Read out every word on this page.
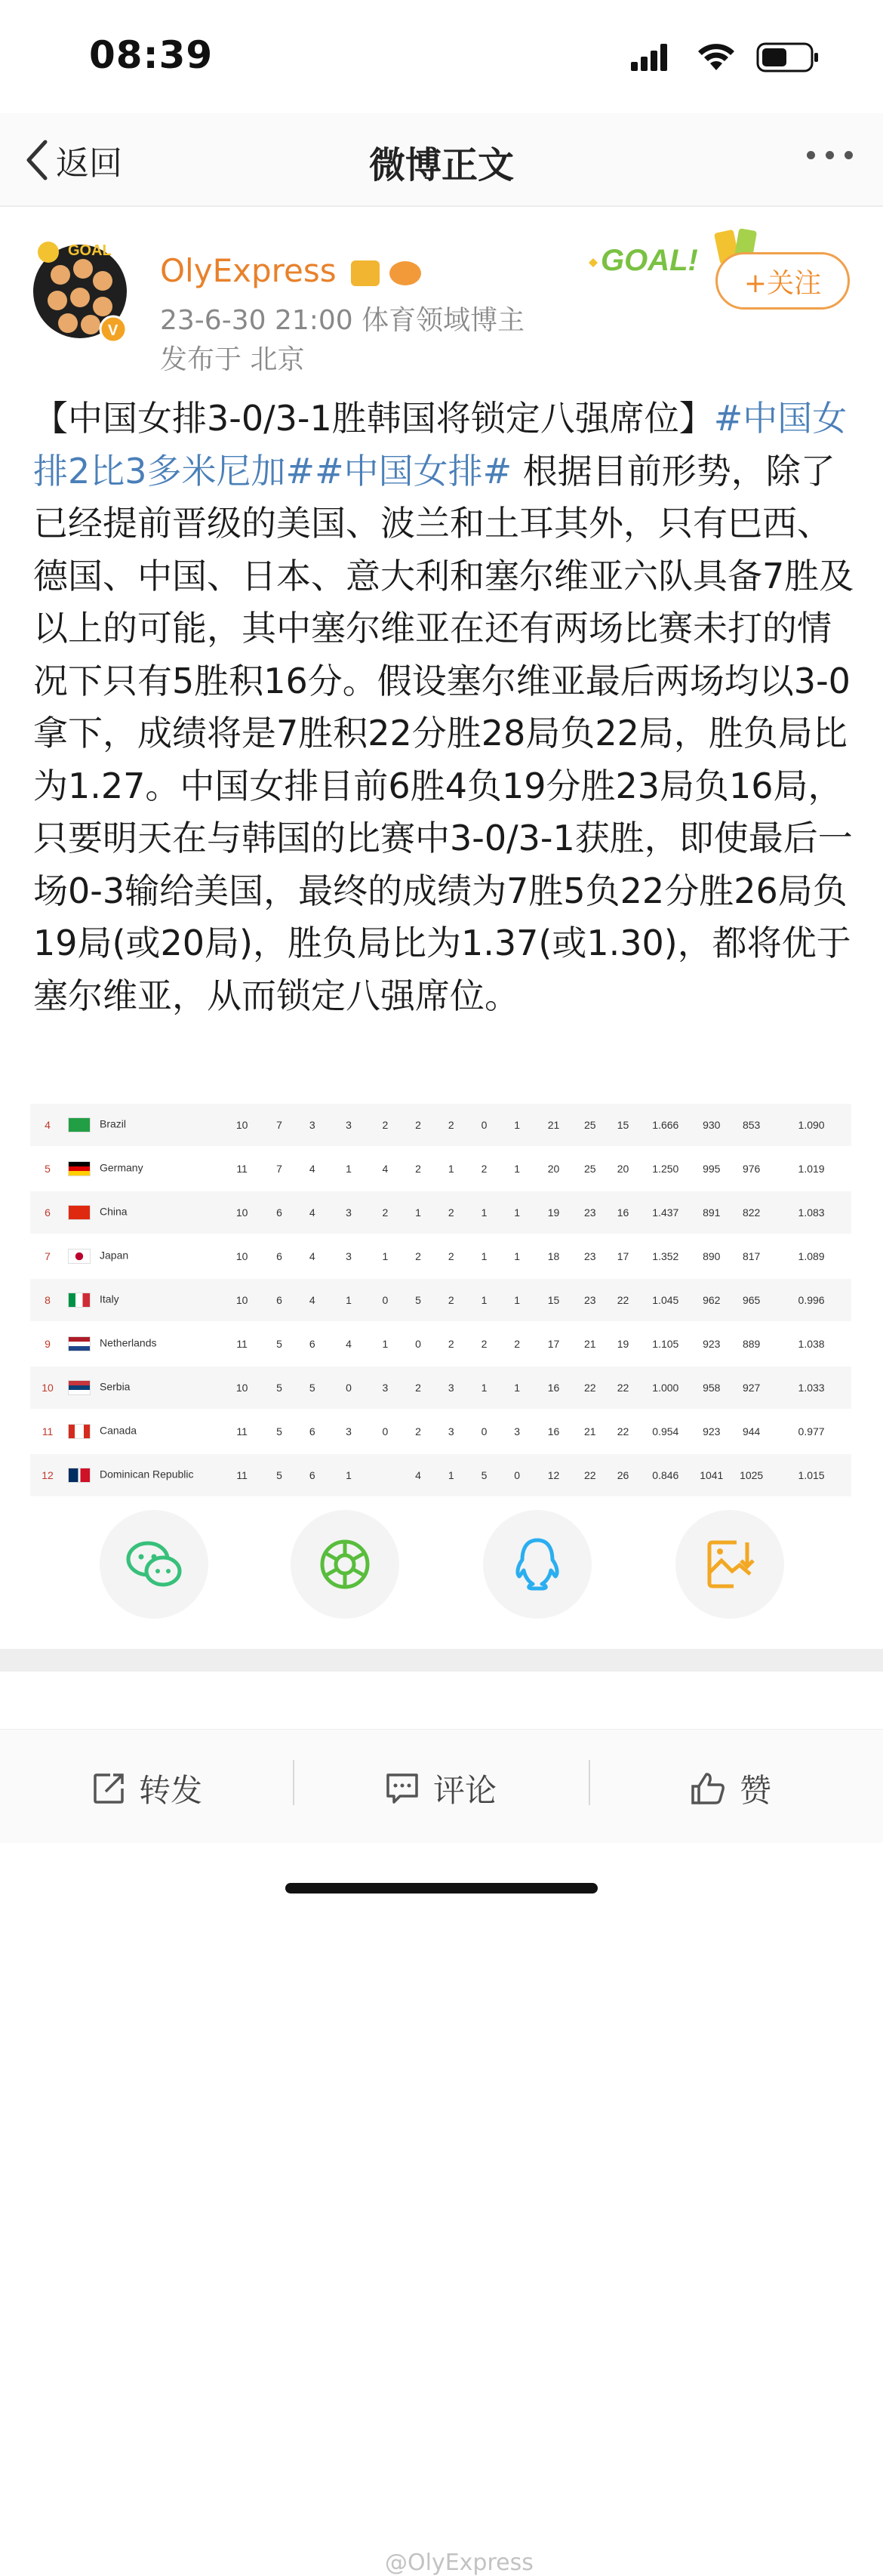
08:39
返回	微博正文
GOAL
V
OlyExpress
23-6-30 21:00 体育领域博主
发布于 北京
GOAL!
+关注
【中国女排3-0/3-1胜韩国将锁定八强席位】#中国女排2比3多米尼加##中国女排# 根据目前形势，除了已经提前晋级的美国、波兰和土耳其外，只有巴西、德国、中国、日本、意大利和塞尔维亚六队具备7胜及以上的可能，其中塞尔维亚在还有两场比赛未打的情况下只有5胜积16分。假设塞尔维亚最后两场均以3-0拿下，成绩将是7胜积22分胜28局负22局，胜负局比为1.27。中国女排目前6胜4负19分胜23局负16局，只要明天在与韩国的比赛中3-0/3-1获胜，即使最后一场0-3输给美国，最终的成绩为7胜5负22分胜26局负19局(或20局)，胜负局比为1.37(或1.30)，都将优于塞尔维亚，从而锁定八强席位。
4	Brazil	10	7	3	3	2	2	2	0	1	21	25	15	1.666	930	853	1.090
5	Germany	11	7	4	1	4	2	1	2	1	20	25	20	1.250	995	976	1.019
6	China	10	6	4	3	2	1	2	1	1	19	23	16	1.437	891	822	1.083
7	Japan	10	6	4	3	1	2	2	1	1	18	23	17	1.352	890	817	1.089
8	Italy	10	6	4	1	0	5	2	1	1	15	23	22	1.045	962	965	0.996
9	Netherlands	11	5	6	4	1	0	2	2	2	17	21	19	1.105	923	889	1.038
10	Serbia	10	5	5	0	3	2	3	1	1	16	22	22	1.000	958	927	1.033
11	Canada	11	5	6	3	0	2	3	0	3	16	21	22	0.954	923	944	0.977
12	Dominican Republic	11	5	6	1		4	1	5	0	12	22	26	0.846	1041	1025	1.015
@OlyExpress
转发	评论	赞
